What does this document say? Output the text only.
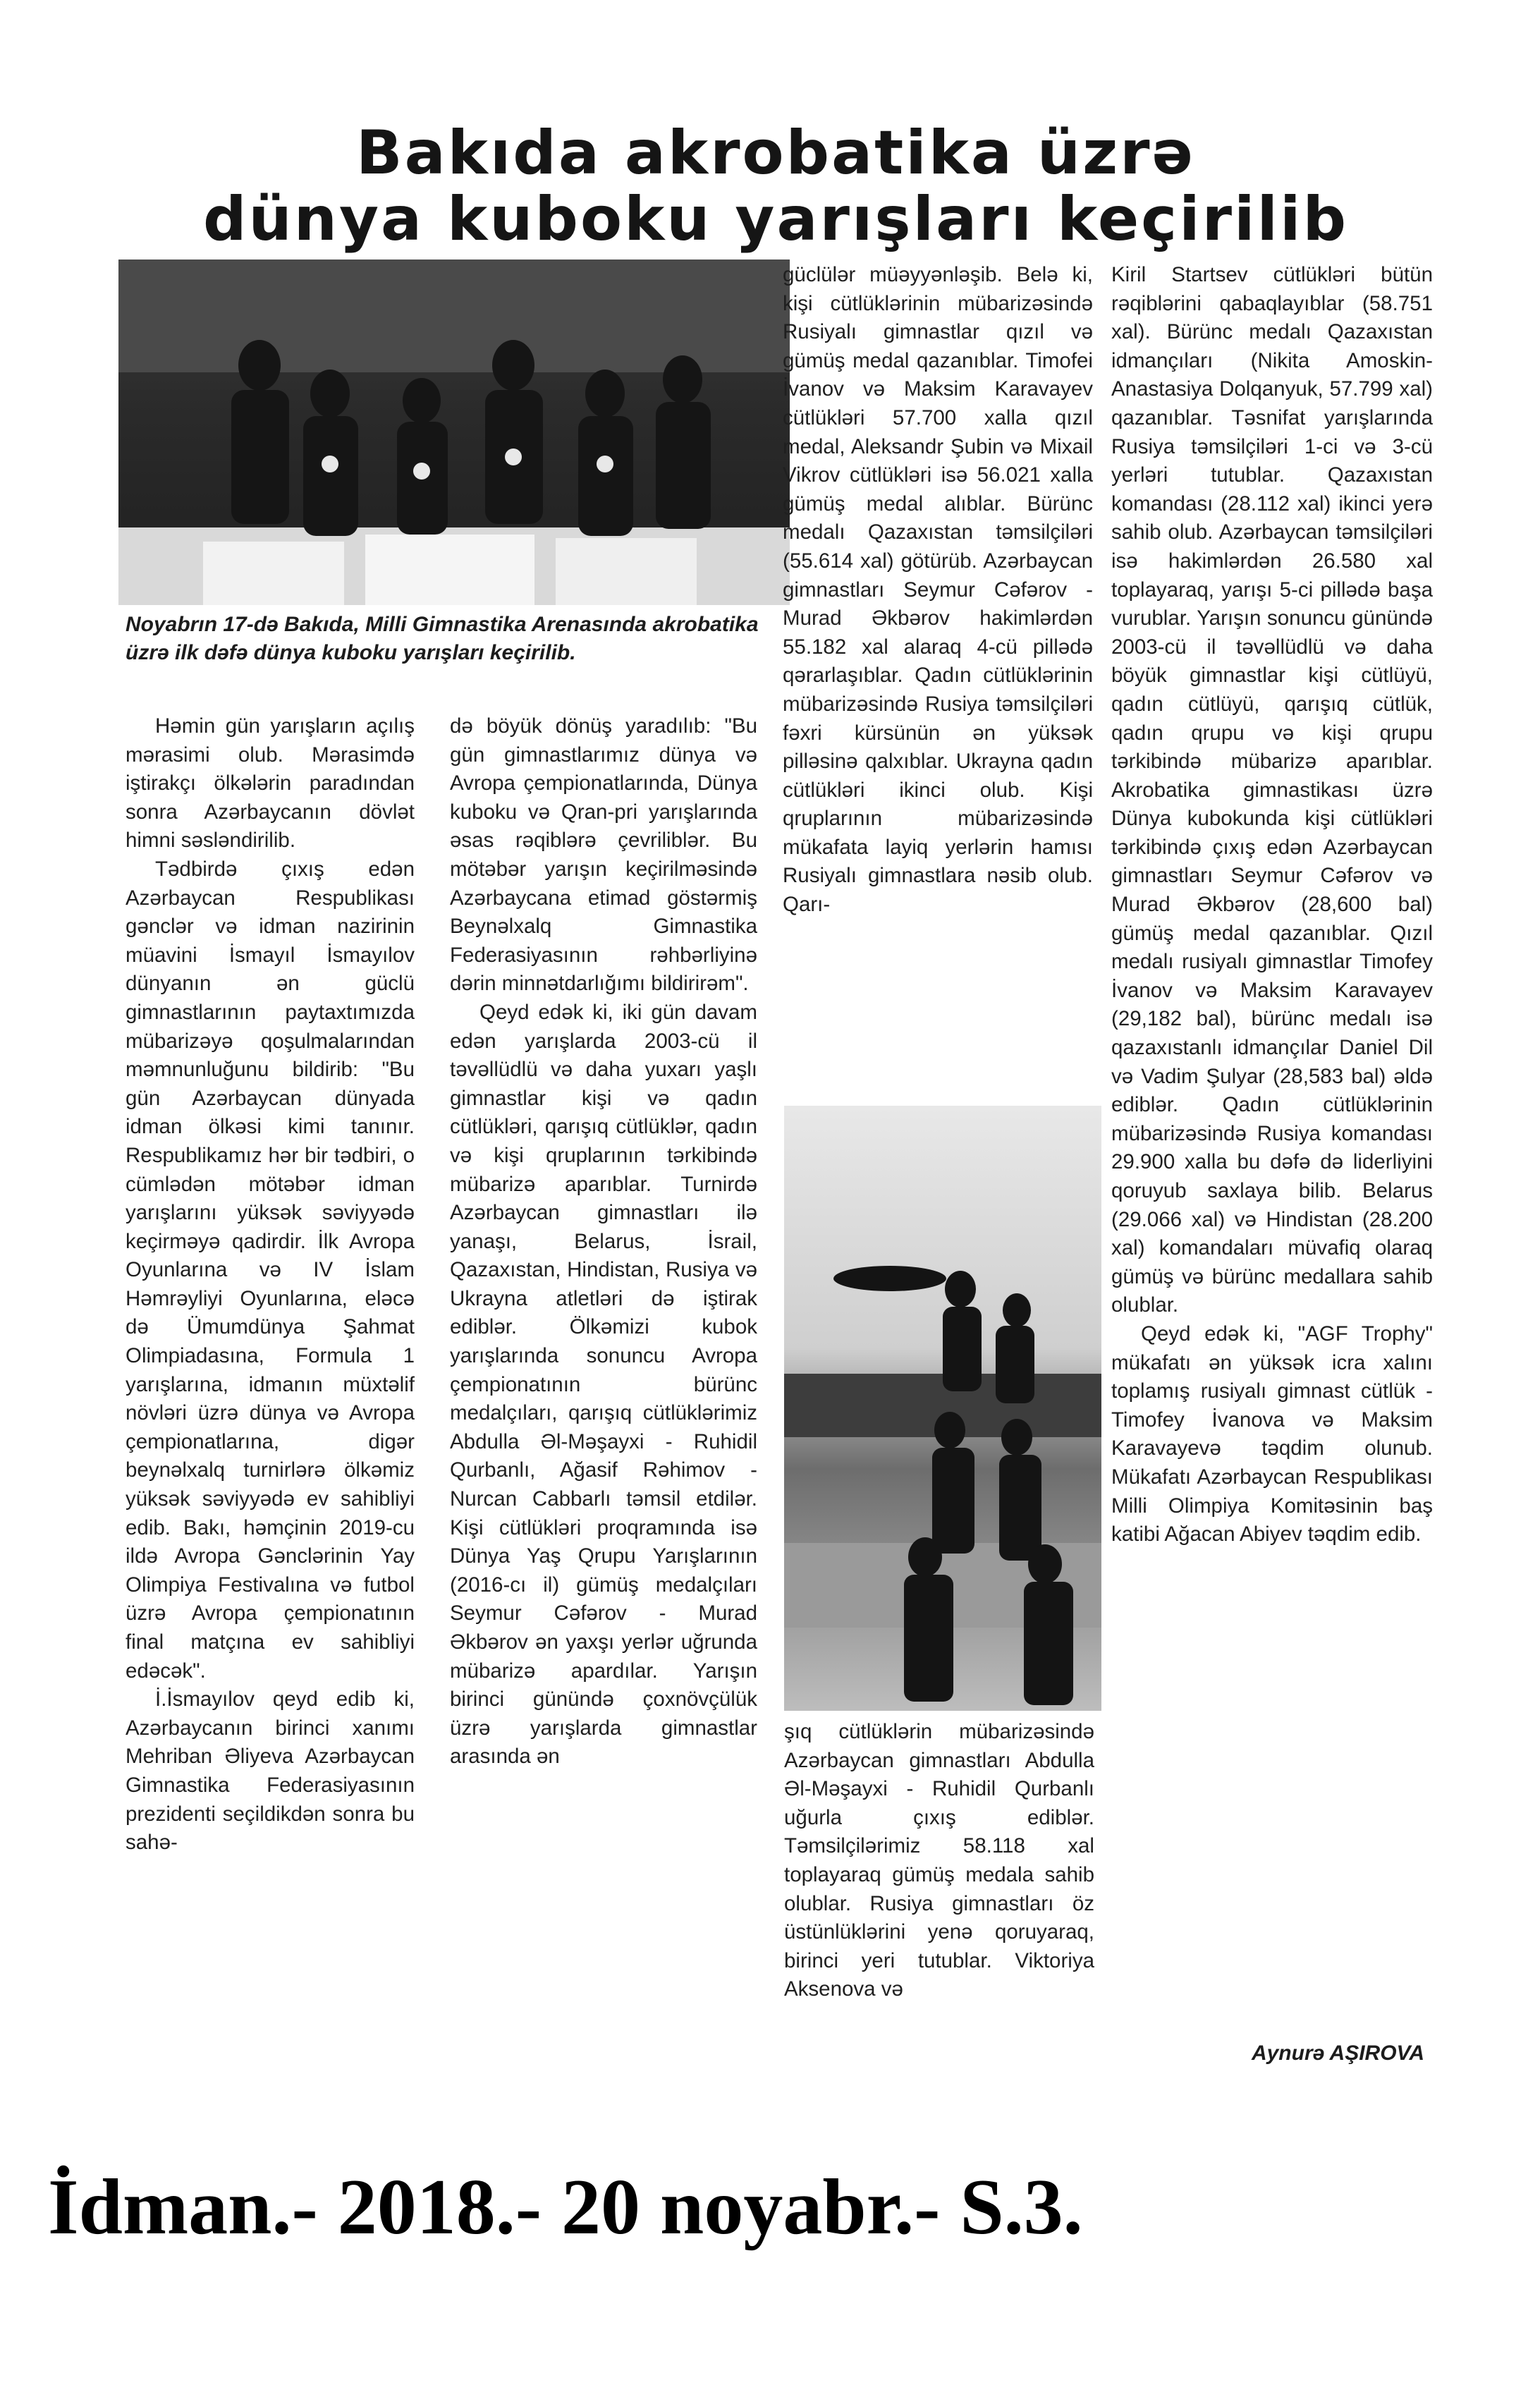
Bakıda akrobatika üzrə
dünya kuboku yarışları keçirilib
Noyabrın 17-də Bakıda, Milli Gimnastika Arenasında akrobatika üzrə ilk dəfə dünya kuboku yarışları keçirilib.

Həmin gün yarışların açılış mərasimi olub. Mərasimdə iştirakçı ölkələrin paradından sonra Azərbaycanın dövlət himni səsləndirilib.

Tədbirdə çıxış edən Azərbaycan Respublikası gənclər və idman nazirinin müavini İsmayıl İsmayılov dünyanın ən güclü gimnastlarının paytaxtımızda mübarizəyə qoşulmalarından məmnunluğunu bildirib: "Bu gün Azərbaycan dünyada idman ölkəsi kimi tanınır. Respublikamız hər bir tədbiri, o cümlədən mötəbər idman yarışlarını yüksək səviyyədə keçirməyə qadirdir. İlk Avropa Oyunlarına və IV İslam Həmrəyliyi Oyunlarına, eləcə də Ümumdünya Şahmat Olimpiadasına, Formula 1 yarışlarına, idmanın müxtəlif növləri üzrə dünya və Avropa çempionatlarına, digər beynəlxalq turnirlərə ölkəmiz yüksək səviyyədə ev sahibliyi edib. Bakı, həmçinin 2019-cu ildə Avropa Gənclərinin Yay Olimpiya Festivalına və futbol üzrə Avropa çempionatının final matçına ev sahibliyi edəcək".

İ.İsmayılov qeyd edib ki, Azərbaycanın birinci xanımı Mehriban Əliyeva Azərbaycan Gimnastika Federasiyasının prezidenti seçildikdən sonra bu sahə-

də böyük dönüş yaradılıb: "Bu gün gimnastlarımız dünya və Avropa çempionatlarında, Dünya kuboku və Qran-pri yarışlarında əsas rəqiblərə çevriliblər. Bu mötəbər yarışın keçirilməsində Azərbaycana etimad göstərmiş Beynəlxalq Gimnastika Federasiyasının rəhbərliyinə dərin minnətdarlığımı bildirirəm".

Qeyd edək ki, iki gün davam edən yarışlarda 2003-cü il təvəllüdlü və daha yuxarı yaşlı gimnastlar kişi və qadın cütlükləri, qarışıq cütlüklər, qadın və kişi qruplarının tərkibində mübarizə aparıblar. Turnirdə Azərbaycan gimnastları ilə yanaşı, Belarus, İsrail, Qazaxıstan, Hindistan, Rusiya və Ukrayna atletləri də iştirak ediblər. Ölkəmizi kubok yarışlarında sonuncu Avropa çempionatının bürünc medalçıları, qarışıq cütlüklərimiz Abdulla Əl-Məşayxi - Ruhidil Qurbanlı, Ağasif Rəhimov - Nurcan Cabbarlı təmsil etdilər. Kişi cütlükləri proqramında isə Dünya Yaş Qrupu Yarışlarının (2016-cı il) gümüş medalçıları Seymur Cəfərov - Murad Əkbərov ən yaxşı yerlər uğrunda mübarizə apardılar. Yarışın birinci günündə çoxnövçülük üzrə yarışlarda gimnastlar arasında ən

güclülər müəyyənləşib. Belə ki, kişi cütlüklərinin mübarizəsində Rusiyalı gimnastlar qızıl və gümüş medal qazanıblar. Timofei İvanov və Maksim Karavayev cütlükləri 57.700 xalla qızıl medal, Aleksandr Şubin və Mixail Vikrov cütlükləri isə 56.021 xalla gümüş medal alıblar. Bürünc medalı Qazaxıstan təmsilçiləri (55.614 xal) götürüb. Azərbaycan gimnastları Seymur Cəfərov - Murad Əkbərov hakimlərdən 55.182 xal alaraq 4-cü pillədə qərarlaşıblar. Qadın cütlüklərinin mübarizəsində Rusiya təmsilçiləri fəxri kürsünün ən yüksək pilləsinə qalxıblar. Ukrayna qadın cütlükləri ikinci olub. Kişi qruplarının mübarizəsində mükafata layiq yerlərin hamısı Rusiyalı gimnastlara nəsib olub. Qarı-

şıq cütlüklərin mübarizəsində Azərbaycan gimnastları Abdulla Əl-Məşayxi - Ruhidil Qurbanlı uğurla çıxış ediblər. Təmsilçilərimiz 58.118 xal toplayaraq gümüş medala sahib olublar. Rusiya gimnastları öz üstünlüklərini yenə qoruyaraq, birinci yeri tutublar. Viktoriya Aksenova və

Kiril Startsev cütlükləri bütün rəqiblərini qabaqlayıblar (58.751 xal). Bürünc medalı Qazaxıstan idmançıları (Nikita Amoskin-Anastasiya Dolqanyuk, 57.799 xal) qazanıblar. Təsnifat yarışlarında Rusiya təmsilçiləri 1-ci və 3-cü yerləri tutublar. Qazaxıstan komandası (28.112 xal) ikinci yerə sahib olub. Azərbaycan təmsilçiləri isə hakimlərdən 26.580 xal toplayaraq, yarışı 5-ci pillədə başa vurublar. Yarışın sonuncu günündə 2003-cü il təvəllüdlü və daha böyük gimnastlar kişi cütlüyü, qadın cütlüyü, qarışıq cütlük, qadın qrupu və kişi qrupu tərkibində mübarizə aparıblar. Akrobatika gimnastikası üzrə Dünya kubokunda kişi cütlükləri tərkibində çıxış edən Azərbaycan gimnastları Seymur Cəfərov və Murad Əkbərov (28,600 bal) gümüş medal qazanıblar. Qızıl medalı rusiyalı gimnastlar Timofey İvanov və Maksim Karavayev (29,182 bal), bürünc medalı isə qazaxıstanlı idmançılar Daniel Dil və Vadim Şulyar (28,583 bal) əldə ediblər. Qadın cütlüklərinin mübarizəsində Rusiya komandası 29.900 xalla bu dəfə də liderliyini qoruyub saxlaya bilib. Belarus (29.066 xal) və Hindistan (28.200 xal) komandaları müvafiq olaraq gümüş və bürünc medallara sahib olublar.

Qeyd edək ki, "AGF Trophy" mükafatı ən yüksək icra xalını toplamış rusiyalı gimnast cütlük - Timofey İvanova və Maksim Karavayevə təqdim olunub. Mükafatı Azərbaycan Respublikası Milli Olimpiya Komitəsinin baş katibi Ağacan Abiyev təqdim edib.

Aynurə AŞIROVA
İdman.- 2018.- 20 noyabr.- S.3.
